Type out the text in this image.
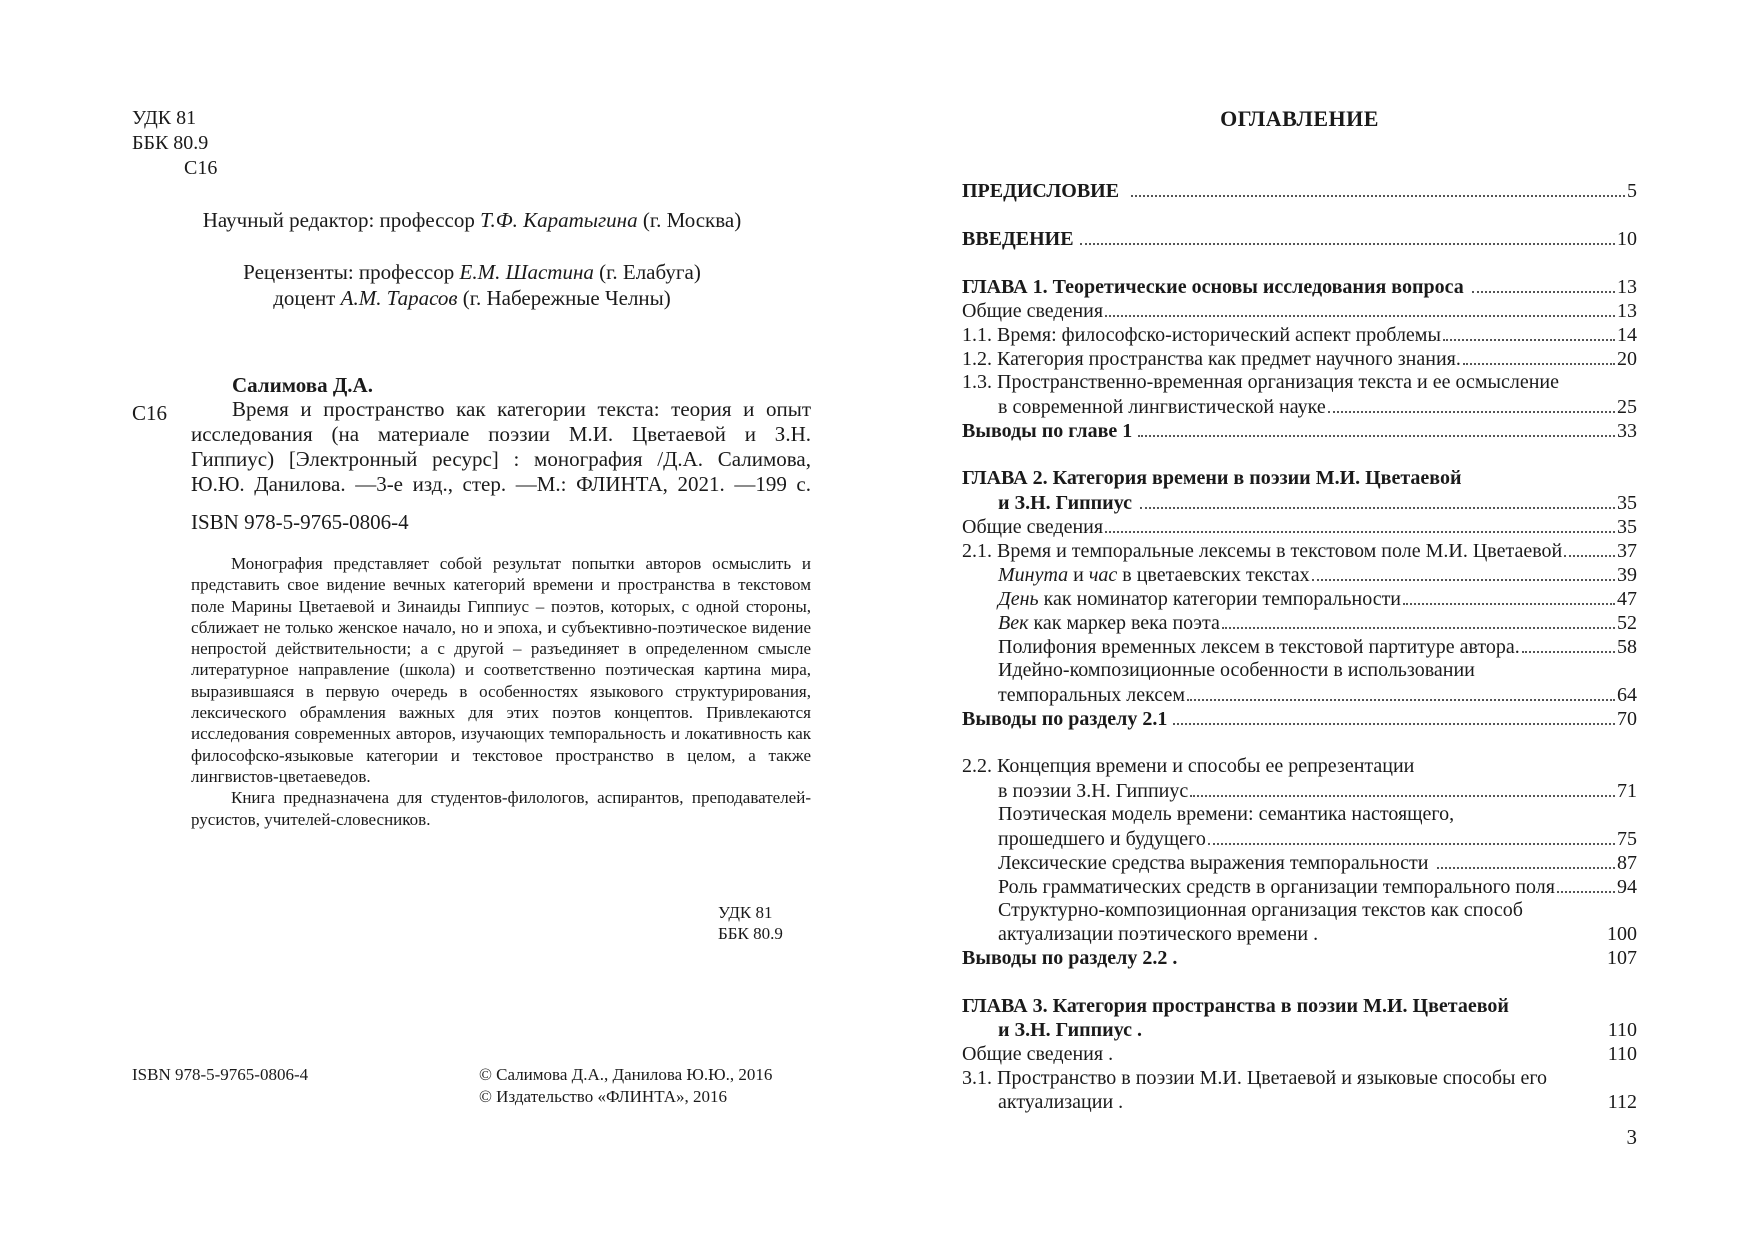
УДК 81
ББК 80.9
С16
Научный редактор: профессор Т.Ф. Каратыгина (г. Москва)
Рецензенты: профессор Е.М. Шастина (г. Елабуга)
доцент А.М. Тарасов (г. Набережные Челны)
Салимова Д.А.
С16	Время и пространство как категории текста: теория и опыт
исследования (на материале поэзии М.И. Цветаевой и З.Н.
Гиппиус) [Электронный ресурс] : монография /Д.А. Салимова,
Ю.Ю. Данилова. —3-е изд., стер. —М.: ФЛИНТА, 2021. —199 с.
ISBN 978-5-9765-0806-4

Монография представляет собой результат попытки авторов осмыслить и представить свое видение вечных категорий времени и пространства в текстовом поле Марины Цветаевой и Зинаиды Гиппиус – поэтов, которых, с одной стороны, сближает не только женское начало, но и эпоха, и субъективно-поэтическое видение непростой действительности; а с другой – разъединяет в определенном смысле литературное направление (школа) и соответственно поэтическая картина мира, выразившаяся в первую очередь в особенностях языкового структурирования, лексического обрамления важных для этих поэтов концептов. Привлекаются исследования современных авторов, изучающих темпоральность и локативность как философско-языковые категории и текстовое пространство в целом, а также лингвистов-цветаеведов.

Книга предназначена для студентов-филологов, аспирантов, преподавателей-русистов, учителей-словесников.

УДК 81
ББК 80.9
ISBN 978-5-9765-0806-4	© Салимова Д.А., Данилова Ю.Ю., 2016
© Издательство «ФЛИНТА», 2016
ОГЛАВЛЕНИЕ
ПРЕДИСЛОВИЕ	5
ВВЕДЕНИЕ	10
ГЛАВА 1. Теоретические основы исследования вопроса	13
Общие сведения	13
1.1. Время: философско-исторический аспект проблемы	14
1.2. Категория пространства как предмет научного знания.	20
1.3. Пространственно-временная организация текста и ее осмысление
в современной лингвистической науке	25
Выводы по главе 1	33
ГЛАВА 2. Категория времени в поэзии М.И. Цветаевой
и З.Н. Гиппиус	35
Общие сведения	35
2.1. Время и темпоральные лексемы в текстовом поле М.И. Цветаевой	37
Минута и час в цветаевских текстах	39
День как номинатор категории темпоральности	47
Век как маркер века поэта	52
Полифония временных лексем в текстовой партитуре автора.	58
Идейно-композиционные особенности в использовании
темпоральных лексем	64
Выводы по разделу 2.1	70
2.2. Концепция времени и способы ее репрезентации
в поэзии З.Н. Гиппиус	71
Поэтическая модель времени: семантика настоящего,
прошедшего и будущего	75
Лексические средства выражения темпоральности	87
Роль грамматических средств в организации темпорального поля	94
Структурно-композиционная организация текстов как способ
актуализации поэтического времени .	100
Выводы по разделу 2.2 .	107
ГЛАВА 3. Категория пространства в поэзии М.И. Цветаевой
и З.Н. Гиппиус .	110
Общие сведения .	110
3.1. Пространство в поэзии М.И. Цветаевой и языковые способы его
актуализации .	112
3
